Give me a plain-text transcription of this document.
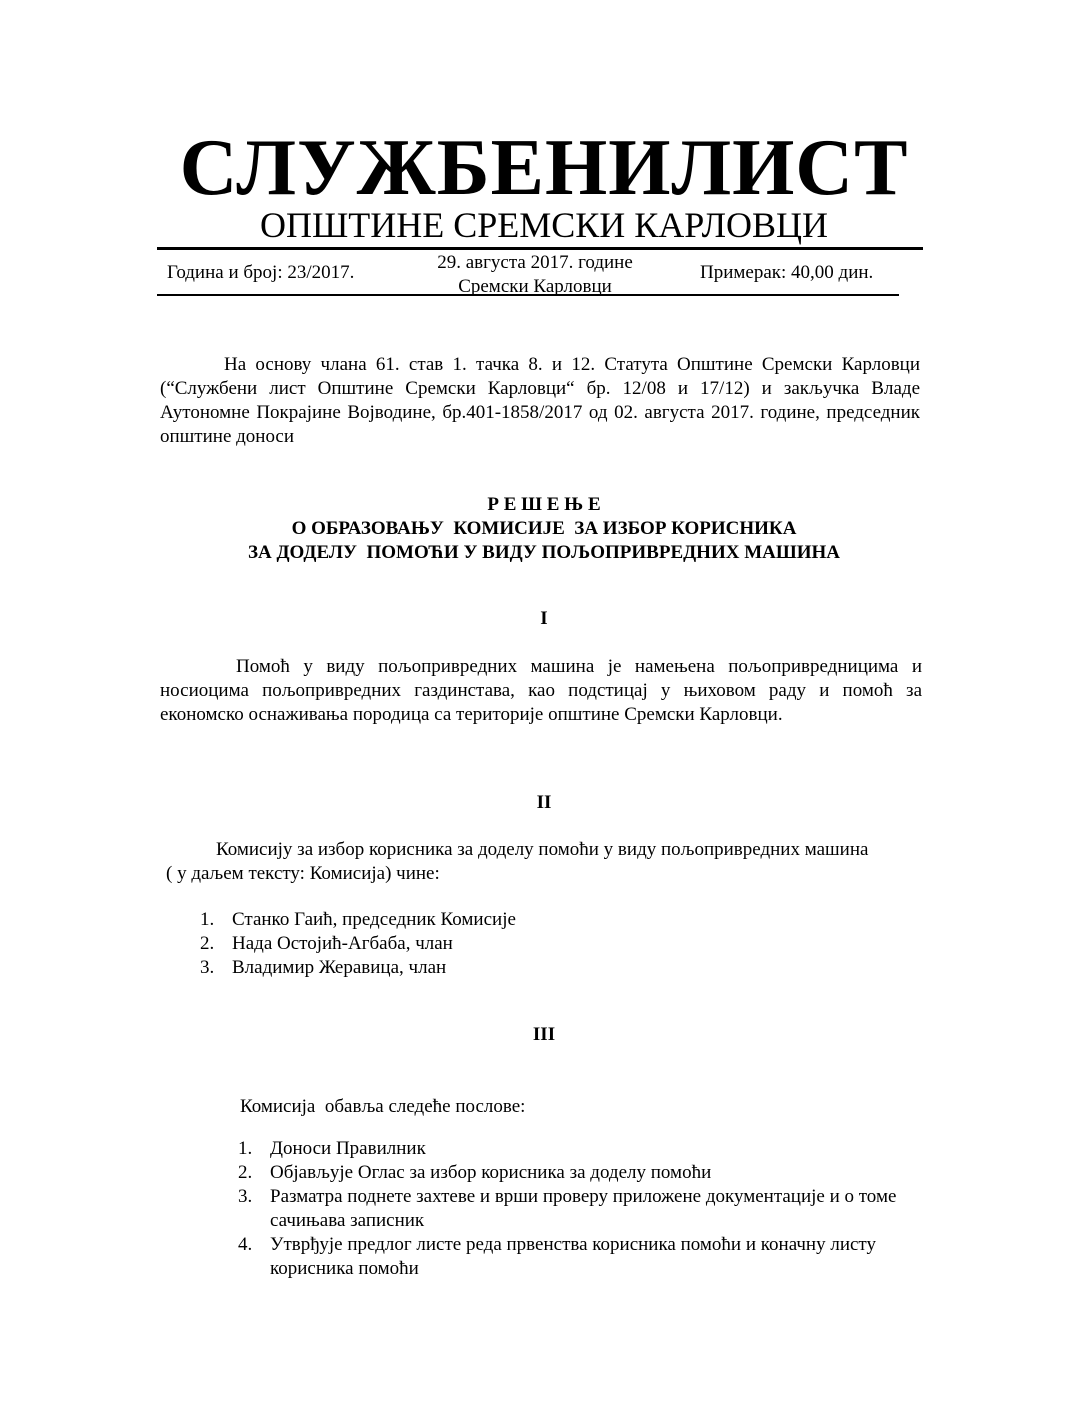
СЛУЖБЕНИЛИСТ
ОПШТИНЕ СРЕМСКИ КАРЛОВЦИ
Година и број: 23/2017.	29. августа 2017. године
Сремски Карловци
Примерак: 40,00 дин.
На основу члана 61. став 1. тачка 8. и 12. Статута Општине Сремски Карловци (“Службени лист Општине Сремски Карловци“ бр. 12/08 и 17/12) и закључка Владе Аутономне Покрајине Војводине, бр.401-1858/2017 од 02. августа 2017. године, председник општине доноси
Р Е Ш Е Њ Е
О ОБРАЗОВАЊУ  КОМИСИЈЕ  ЗА ИЗБОР КОРИСНИКА
ЗА ДОДЕЛУ  ПОМОЋИ У ВИДУ ПОЉОПРИВРЕДНИХ МАШИНА
I
Помоћ у виду пољопривредних машина је намењена пољопривредницима и носиоцима пољопривредних газдинстава, као подстицај у њиховом раду и помоћ за економско оснаживања породица са територије општине Сремски Карловци.
II
Комисију за избор корисника за доделу помоћи у виду пољопривредних машина
( у даљем тексту: Комисија) чине:
1. Станко Гаић, председник Комисије
2. Нада Остојић-Агбаба, члан
3. Владимир Жеравица, члан
III
Комисија  обавља следеће послове:
1. Доноси Правилник
2. Објављује Оглас за избор корисника за доделу помоћи
3. Разматра поднете захтеве и врши проверу приложене документације и о томе сачињава записник
4. Утврђује предлог листе реда првенства корисника помоћи и коначну листу корисника помоћи
